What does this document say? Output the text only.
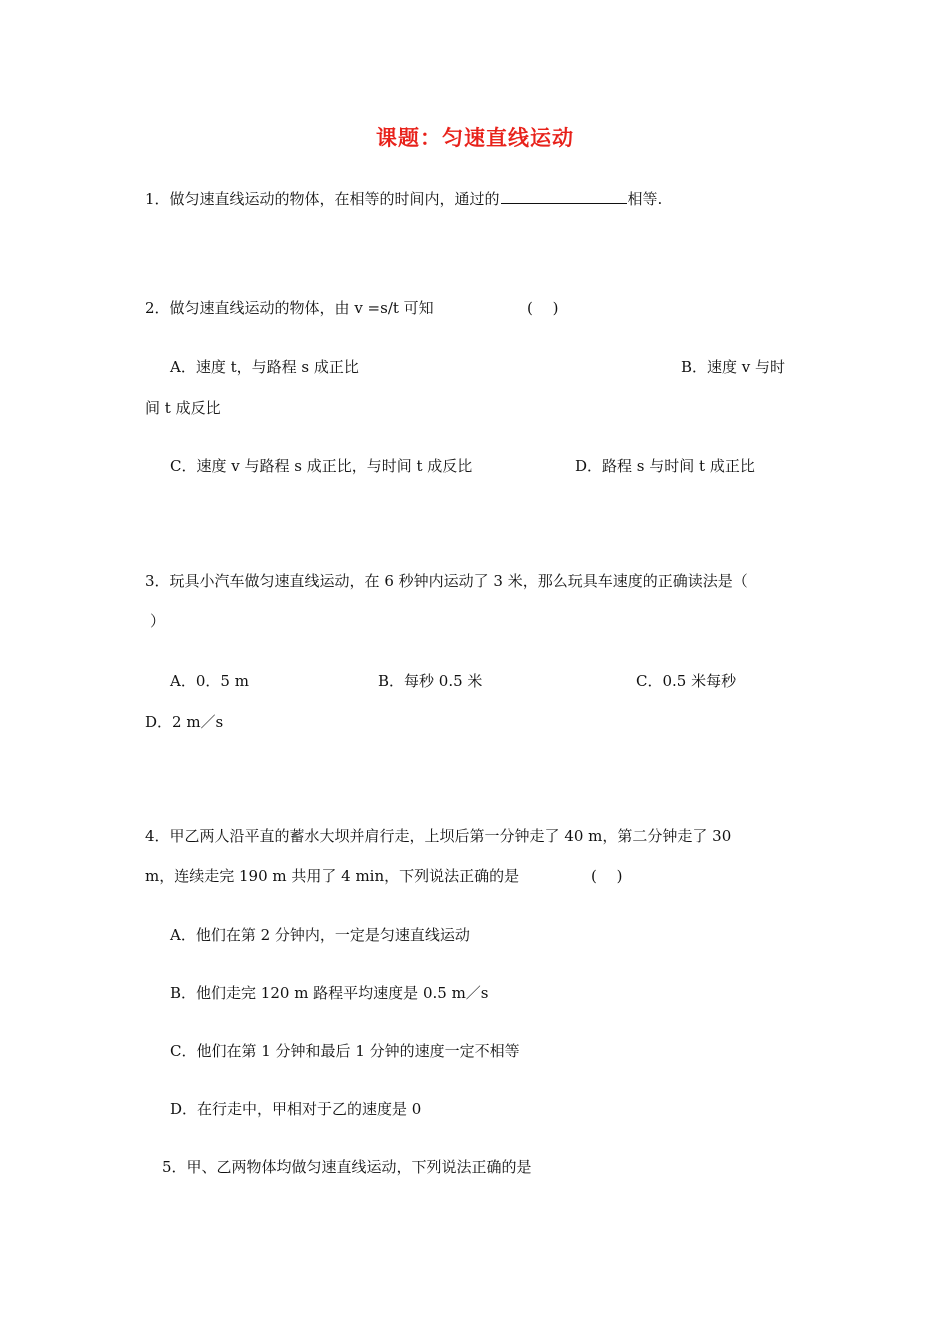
课题：匀速直线运动
1．做匀速直线运动的物体，在相等的时间内，通过的	相等.
2．做匀速直线运动的物体，由 v =s/t 可知	(　 )
A．速度 t，与路程 s 成正比	B．速度 v 与时
间 t 成反比
C．速度 v 与路程 s 成正比，与时间 t 成反比	D．路程 s 与时间 t 成正比
3．玩具小汽车做匀速直线运动，在 6 秒钟内运动了 3 米，那么玩具车速度的正确读法是（
）
A．0．5 m	B．每秒 0.5 米	C．0.5 米每秒
D．2 m／s
4．甲乙两人沿平直的蓄水大坝并肩行走，上坝后第一分钟走了 40 m，第二分钟走了 30
m，连续走完 190 m 共用了 4 min，下列说法正确的是	(　 )
A．他们在第 2 分钟内，一定是匀速直线运动
B．他们走完 120 m 路程平均速度是 0.5 m／s
C．他们在第 1 分钟和最后 1 分钟的速度一定不相等
D．在行走中，甲相对于乙的速度是 0
5．甲、乙两物体均做匀速直线运动，下列说法正确的是
